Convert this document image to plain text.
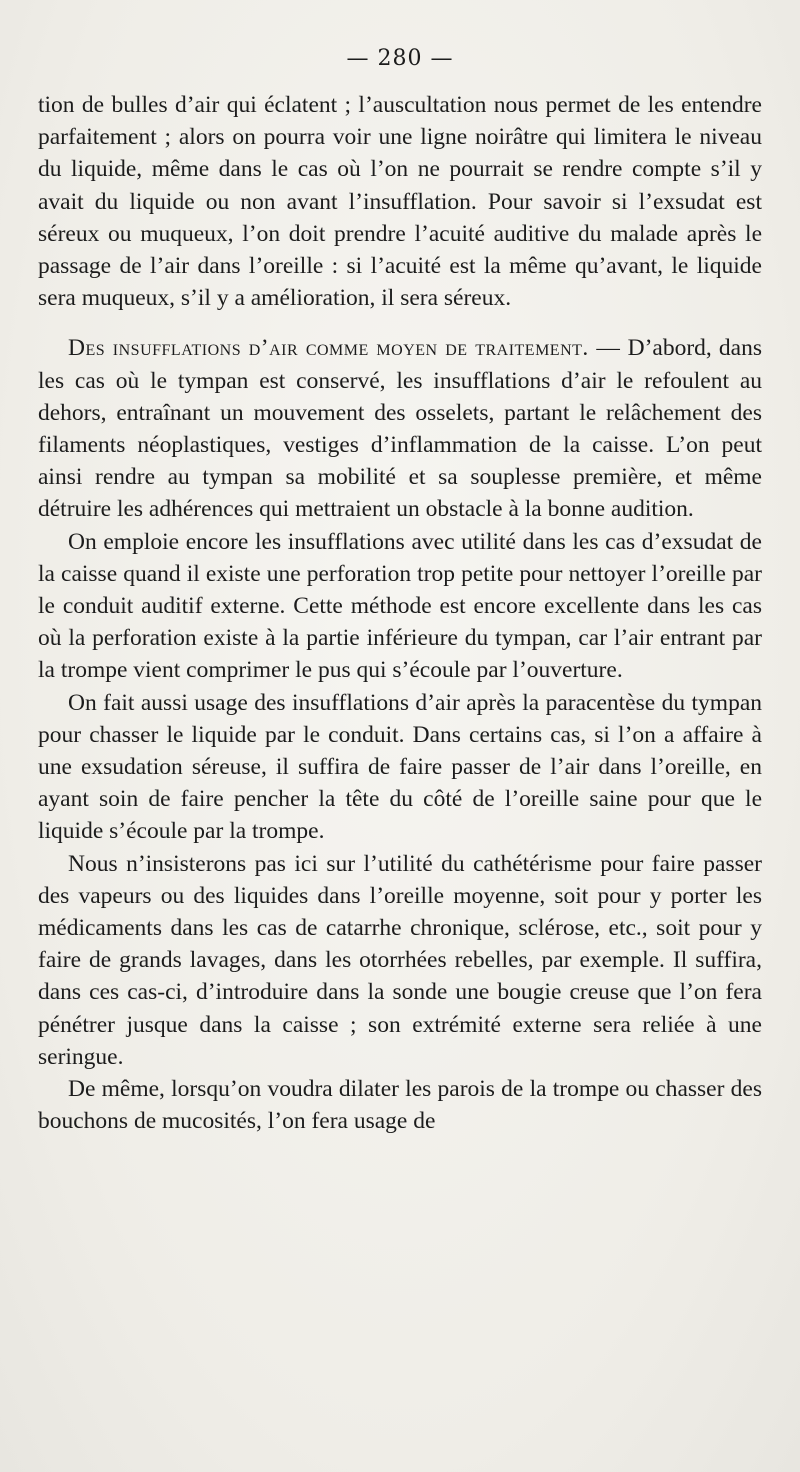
— 280 —

tion de bulles d’air qui éclatent ; l’auscultation nous permet de les entendre parfaitement ; alors on pourra voir une ligne noirâtre qui limitera le niveau du liquide, même dans le cas où l’on ne pourrait se rendre compte s’il y avait du liquide ou non avant l’insufflation. Pour savoir si l’exsudat est séreux ou muqueux, l’on doit prendre l’acuité auditive du malade après le passage de l’air dans l’oreille : si l’acuité est la même qu’avant, le liquide sera muqueux, s’il y a amélioration, il sera séreux.

Des insufflations d’air comme moyen de traitement. — D’abord, dans les cas où le tympan est conservé, les insufflations d’air le refoulent au dehors, entraînant un mouvement des osselets, partant le relâchement des filaments néoplastiques, vestiges d’inflammation de la caisse. L’on peut ainsi rendre au tympan sa mobilité et sa souplesse première, et même détruire les adhérences qui mettraient un obstacle à la bonne audition.

On emploie encore les insufflations avec utilité dans les cas d’exsudat de la caisse quand il existe une perforation trop petite pour nettoyer l’oreille par le conduit auditif externe. Cette méthode est encore excellente dans les cas où la perforation existe à la partie inférieure du tympan, car l’air entrant par la trompe vient comprimer le pus qui s’écoule par l’ouverture.

On fait aussi usage des insufflations d’air après la paracentèse du tympan pour chasser le liquide par le conduit. Dans certains cas, si l’on a affaire à une exsudation séreuse, il suffira de faire passer de l’air dans l’oreille, en ayant soin de faire pencher la tête du côté de l’oreille saine pour que le liquide s’écoule par la trompe.

Nous n’insisterons pas ici sur l’utilité du cathétérisme pour faire passer des vapeurs ou des liquides dans l’oreille moyenne, soit pour y porter les médicaments dans les cas de catarrhe chronique, sclérose, etc., soit pour y faire de grands lavages, dans les otorrhées rebelles, par exemple. Il suffira, dans ces cas-ci, d’introduire dans la sonde une bougie creuse que l’on fera pénétrer jusque dans la caisse ; son extrémité externe sera reliée à une seringue.

De même, lorsqu’on voudra dilater les parois de la trompe ou chasser des bouchons de mucosités, l’on fera usage de
